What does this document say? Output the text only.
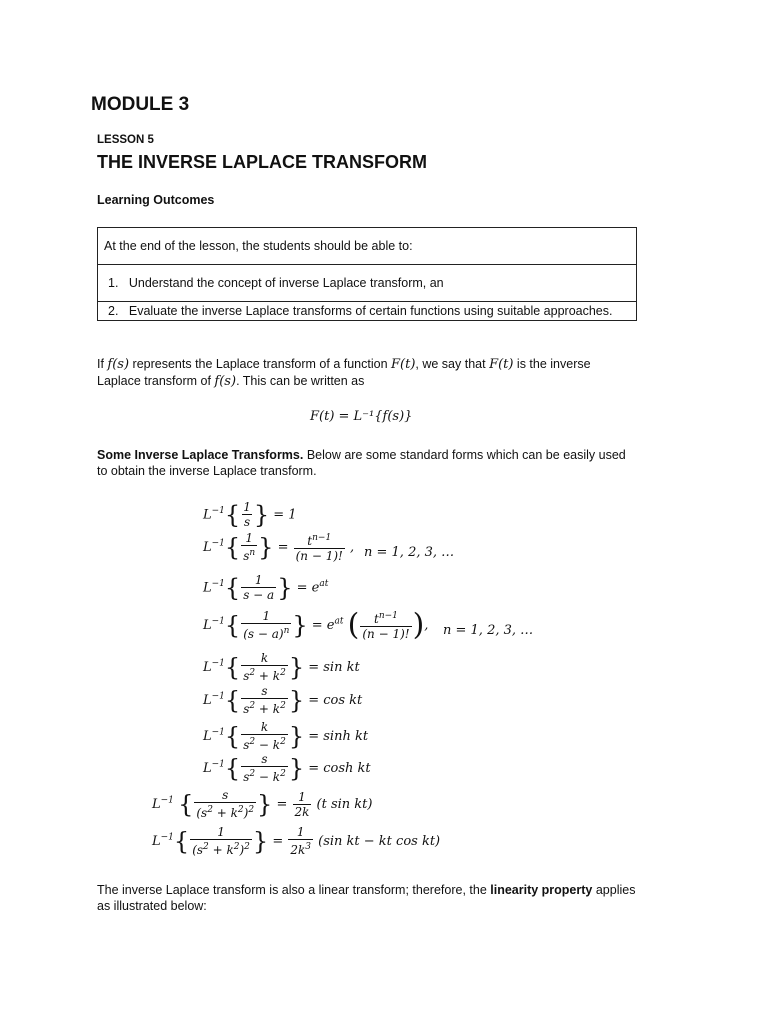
MODULE 3
LESSON 5
THE INVERSE LAPLACE TRANSFORM
Learning Outcomes
At the end of the lesson, the students should be able to:
1. Understand the concept of inverse Laplace transform, an
2. Evaluate the inverse Laplace transforms of certain functions using suitable approaches.
If f(s) represents the Laplace transform of a function F(t), we say that F(t) is the inverse Laplace transform of f(s). This can be written as
F(t) = L⁻¹{f(s)}
Some Inverse Laplace Transforms. Below are some standard forms which can be easily used to obtain the inverse Laplace transform.
$L^{-1}\{ \frac{1}{s}$ } = 1
$L^{-1}\{ \frac{1}{s^n}$ } = $\frac{t^{n-1}}{(n - 1)!}$ , n = 1, 2, 3, …
$L^{-1}\{ \frac{1}{s - a}$ } = $e^{at}$
$L^{-1}\{ \frac{1}{(s - a)^n}$ } = $e^{at}$ ( $\frac{t^{n-1}}{(n - 1)!}$ ), n = 1, 2, 3, …
$L^{-1}\{ \frac{k}{s^2 + k^2}$ } = sin kt
$L^{-1}\{ \frac{s}{s^2 + k^2}$ } = cos kt
$L^{-1}\{ \frac{k}{s^2 - k^2}$ } = sinh kt
$L^{-1}\{ \frac{s}{s^2 - k^2}$ } = cosh kt
$L^{-1}$ { $\frac{s}{(s^2 + k^2)^2}$ } = $\frac{1}{2k} (t$ sin kt)
$L^{-1}\{ \frac{1}{(s^2 + k^2)^2}$ } = $\frac{1}{2k^3} (\sin$ kt − kt cos kt)
The inverse Laplace transform is also a linear transform; therefore, the linearity property applies as illustrated below:
